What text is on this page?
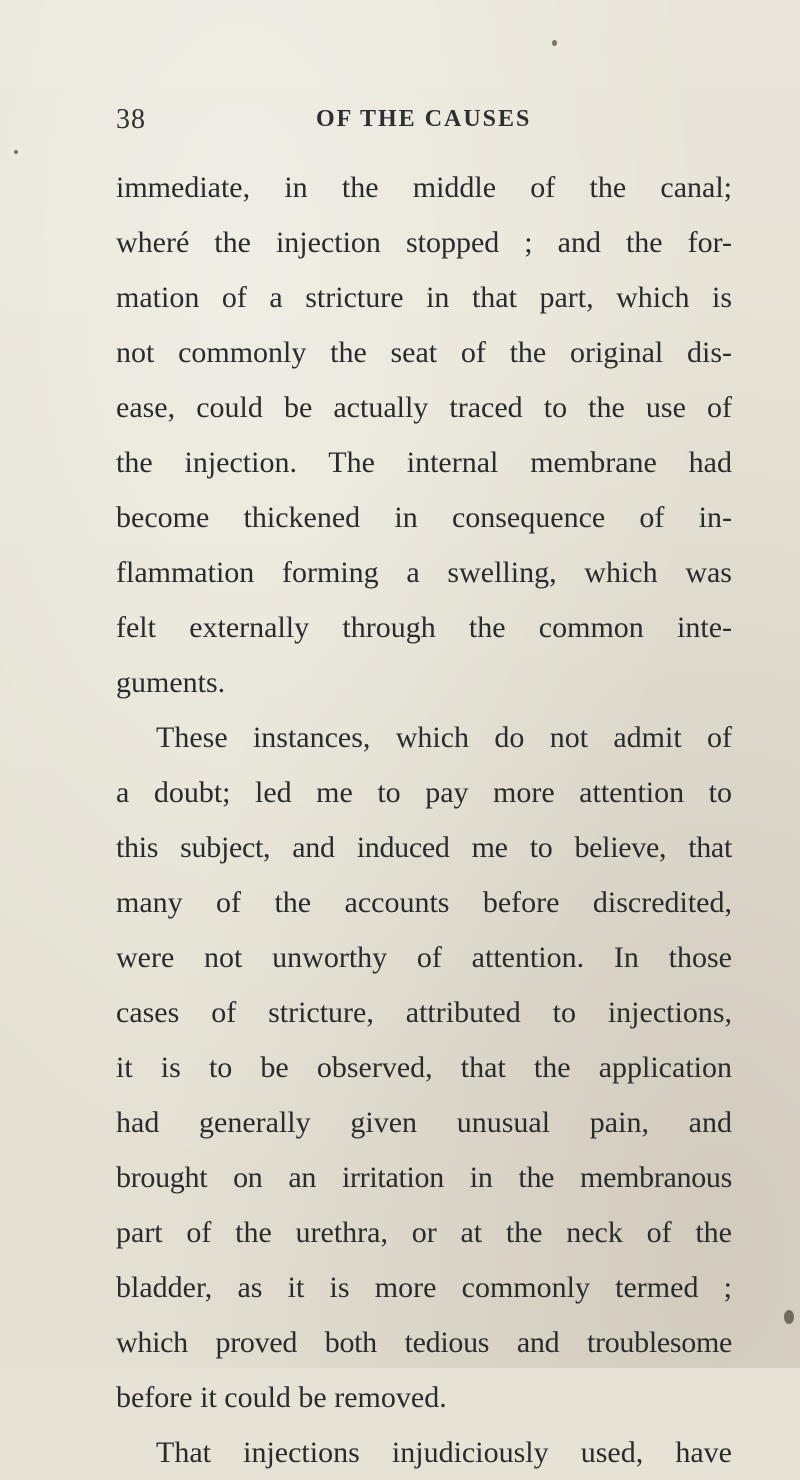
38	OF THE CAUSES
immediate, in the middle of the canal;
wheré the injection stopped ; and the for-
mation of a stricture in that part, which is
not commonly the seat of the original dis-
ease, could be actually traced to the use of
the injection. The internal membrane had
become thickened in consequence of in-
flammation forming a swelling, which was
felt externally through the common inte-
guments.
These instances, which do not admit of
a doubt; led me to pay more attention to
this subject, and induced me to believe, that
many of the accounts before discredited,
were not unworthy of attention. In those
cases of stricture, attributed to injections,
it is to be observed, that the application
had generally given unusual pain, and
brought on an irritation in the membranous
part of the urethra, or at the neck of the
bladder, as it is more commonly termed ;
which proved both tedious and troublesome
before it could be removed.
That injections injudiciously used, have
